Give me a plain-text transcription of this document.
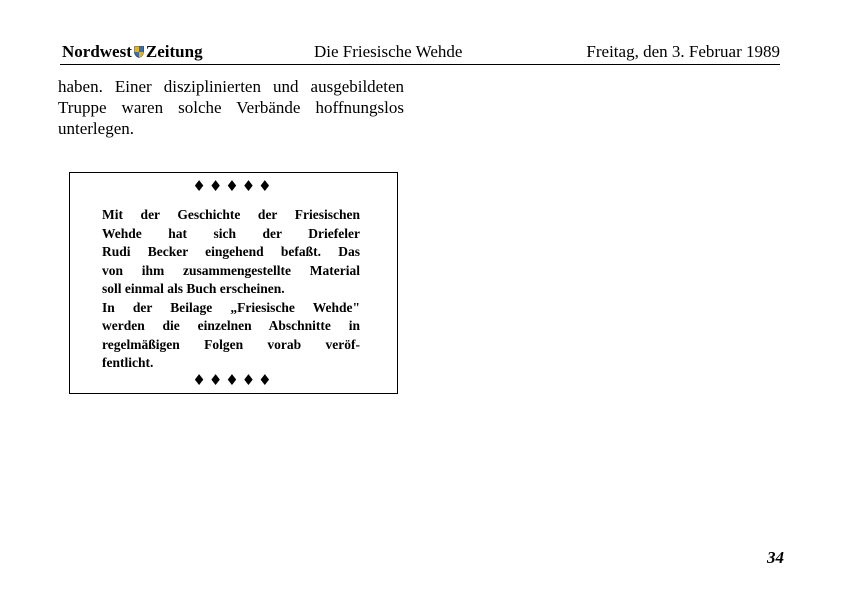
Nordwest Zeitung	Die Friesische Wehde	Freitag, den 3. Februar 1989
haben. Einer disziplinierten und ausgebildeten
Truppe waren solche Verbände hoffnungslos
unterlegen.
♦♦♦♦♦
Mit der Geschichte der Friesischen
Wehde hat sich der Driefeler
Rudi Becker eingehend befaßt. Das
von ihm zusammengestellte Material
soll einmal als Buch erscheinen.
In der Beilage „Friesische Wehde"
werden die einzelnen Abschnitte in
regelmäßigen Folgen vorab veröf-
fentlicht.
♦♦♦♦♦
34
